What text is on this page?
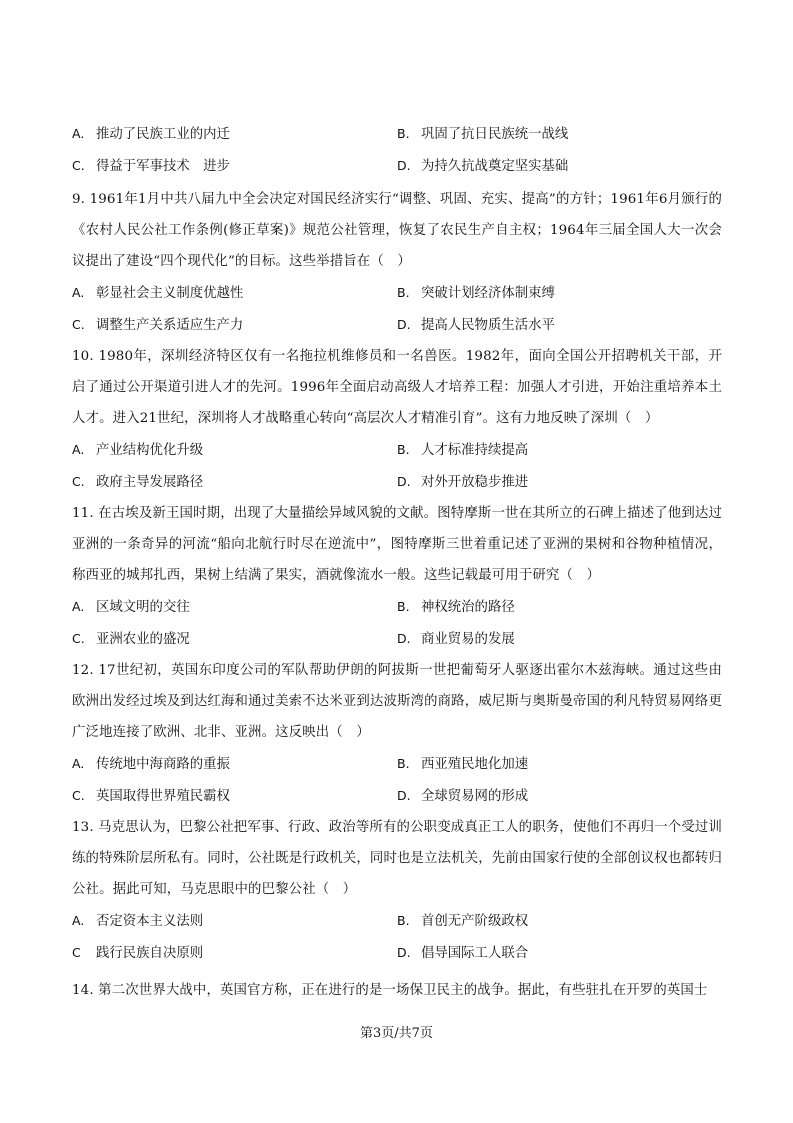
A. 推动了民族工业的内迁	B. 巩固了抗日民族统一战线
C. 得益于军事技术　进步	D. 为持久抗战奠定坚实基础

9. 1961年1月中共八届九中全会决定对国民经济实行“调整、巩固、充实、提高”的方针；1961年6月颁行的《农村人民公社工作条例(修正草案)》规范公社管理，恢复了农民生产自主权；1964年三届全国人大一次会议提出了建设“四个现代化”的目标。这些举措旨在（　）

A. 彰显社会主义制度优越性	B. 突破计划经济体制束缚
C. 调整生产关系适应生产力	D. 提高人民物质生活水平

10. 1980年，深圳经济特区仅有一名拖拉机维修员和一名兽医。1982年，面向全国公开招聘机关干部，开启了通过公开渠道引进人才的先河。1996年全面启动高级人才培养工程：加强人才引进，开始注重培养本土人才。进入21世纪，深圳将人才战略重心转向“高层次人才精准引育”。这有力地反映了深圳（　）

A. 产业结构优化升级	B. 人才标准持续提高
C. 政府主导发展路径	D. 对外开放稳步推进

11. 在古埃及新王国时期，出现了大量描绘异域风貌的文献。图特摩斯一世在其所立的石碑上描述了他到达过亚洲的一条奇异的河流“船向北航行时尽在逆流中”，图特摩斯三世着重记述了亚洲的果树和谷物种植情况，称西亚的城邦扎西，果树上结满了果实，酒就像流水一般。这些记载最可用于研究（　）

A. 区域文明的交往	B. 神权统治的路径
C. 亚洲农业的盛况	D. 商业贸易的发展

12. 17世纪初，英国东印度公司的军队帮助伊朗的阿拔斯一世把葡萄牙人驱逐出霍尔木兹海峡。通过这些由欧洲出发经过埃及到达红海和通过美索不达米亚到达波斯湾的商路，威尼斯与奥斯曼帝国的利凡特贸易网络更广泛地连接了欧洲、北非、亚洲。这反映出（　）

A. 传统地中海商路的重振	B. 西亚殖民地化加速
C. 英国取得世界殖民霸权	D. 全球贸易网的形成

13. 马克思认为，巴黎公社把军事、行政、政治等所有的公职变成真正工人的职务，使他们不再归一个受过训练的特殊阶层所私有。同时，公社既是行政机关，同时也是立法机关，先前由国家行使的全部创议权也都转归公社。据此可知，马克思眼中的巴黎公社（　）

A. 否定资本主义法则	B. 首创无产阶级政权
C 践行民族自决原则	D. 倡导国际工人联合

14. 第二次世界大战中，英国官方称，正在进行的是一场保卫民主的战争。据此，有些驻扎在开罗的英国士

第3页/共7页
